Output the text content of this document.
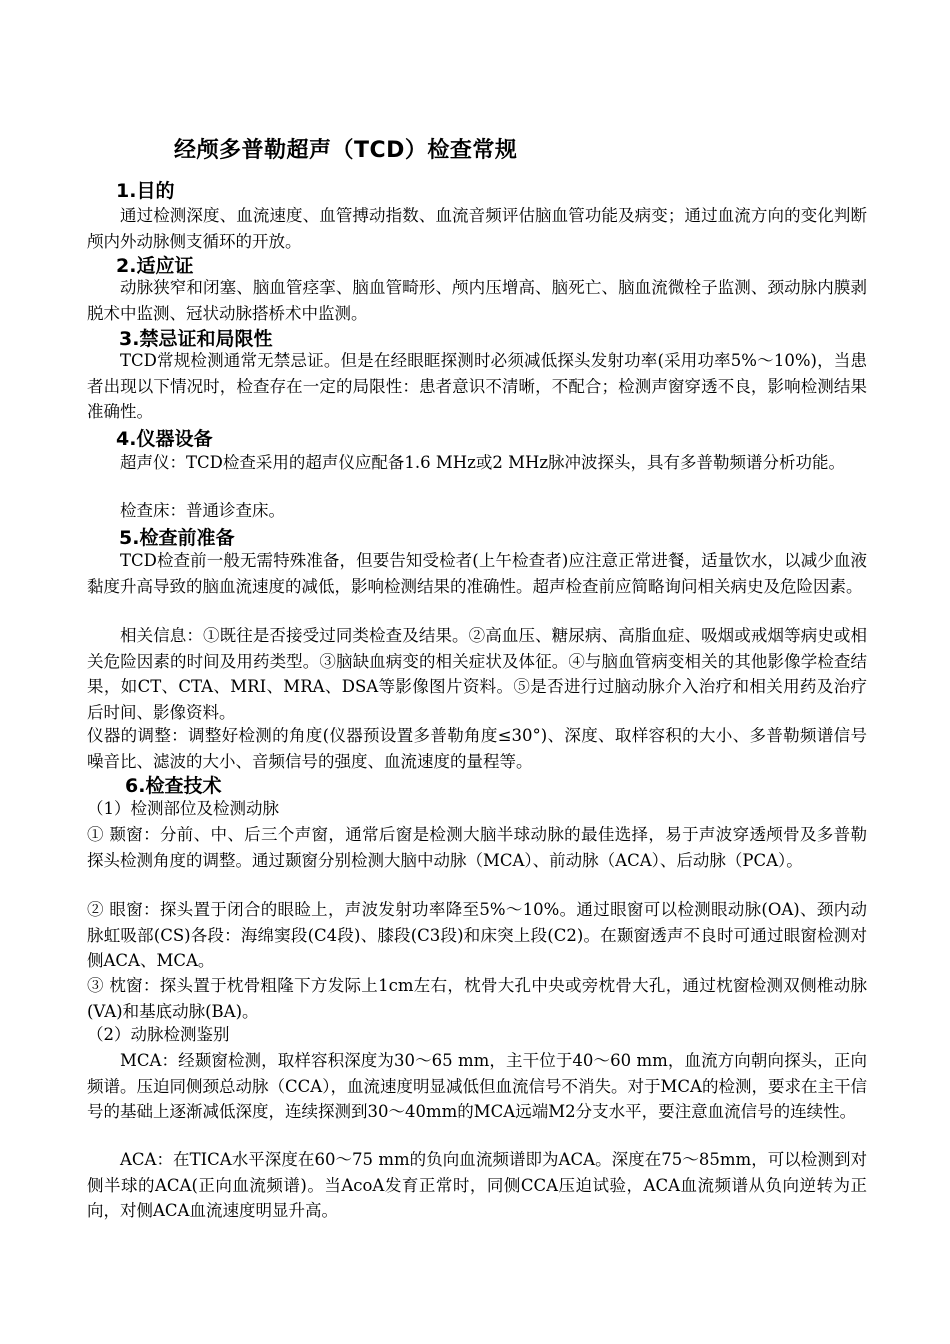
经颅多普勒超声（TCD）检查常规
1.目的

通过检测深度、血流速度、血管搏动指数、血流音频评估脑血管功能及病变；通过血流方向的变化判断颅内外动脉侧支循环的开放。

2.适应证

动脉狭窄和闭塞、脑血管痉挛、脑血管畸形、颅内压增高、脑死亡、脑血流微栓子监测、颈动脉内膜剥脱术中监测、冠状动脉搭桥术中监测。

3.禁忌证和局限性

TCD常规检测通常无禁忌证。但是在经眼眶探测时必须减低探头发射功率(采用功率5%～10%)，当患者出现以下情况时，检查存在一定的局限性：患者意识不清晰，不配合；检测声窗穿透不良，影响检测结果准确性。

4.仪器设备

超声仪：TCD检查采用的超声仪应配备1.6 MHz或2 MHz脉冲波探头，具有多普勒频谱分析功能。

检查床：普通诊查床。

5.检查前准备

TCD检查前一般无需特殊准备，但要告知受检者(上午检查者)应注意正常进餐，适量饮水，以减少血液黏度升高导致的脑血流速度的减低，影响检测结果的准确性。超声检查前应简略询问相关病史及危险因素。

相关信息：①既往是否接受过同类检查及结果。②高血压、糖尿病、高脂血症、吸烟或戒烟等病史或相关危险因素的时间及用药类型。③脑缺血病变的相关症状及体征。④与脑血管病变相关的其他影像学检查结果，如CT、CTA、MRI、MRA、DSA等影像图片资料。⑤是否进行过脑动脉介入治疗和相关用药及治疗后时间、影像资料。

仪器的调整：调整好检测的角度(仪器预设置多普勒角度≤30°)、深度、取样容积的大小、多普勒频谱信号噪音比、滤波的大小、音频信号的强度、血流速度的量程等。

6.检查技术

（1）检测部位及检测动脉

① 颞窗：分前、中、后三个声窗，通常后窗是检测大脑半球动脉的最佳选择，易于声波穿透颅骨及多普勒探头检测角度的调整。通过颞窗分别检测大脑中动脉（MCA）、前动脉（ACA）、后动脉（PCA）。

② 眼窗：探头置于闭合的眼睑上，声波发射功率降至5%～10%。通过眼窗可以检测眼动脉(OA)、颈内动脉虹吸部(CS)各段：海绵窦段(C4段)、膝段(C3段)和床突上段(C2)。在颞窗透声不良时可通过眼窗检测对侧ACA、MCA。

③ 枕窗：探头置于枕骨粗隆下方发际上1cm左右，枕骨大孔中央或旁枕骨大孔，通过枕窗检测双侧椎动脉(VA)和基底动脉(BA)。

（2）动脉检测鉴别

MCA：经颞窗检测，取样容积深度为30～65 mm，主干位于40～60 mm，血流方向朝向探头，正向频谱。压迫同侧颈总动脉（CCA），血流速度明显减低但血流信号不消失。对于MCA的检测，要求在主干信号的基础上逐渐减低深度，连续探测到30～40mm的MCA远端M2分支水平，要注意血流信号的连续性。

ACA：在TICA水平深度在60～75 mm的负向血流频谱即为ACA。深度在75～85mm，可以检测到对侧半球的ACA(正向血流频谱)。当AcoA发育正常时，同侧CCA压迫试验，ACA血流频谱从负向逆转为正向，对侧ACA血流速度明显升高。
